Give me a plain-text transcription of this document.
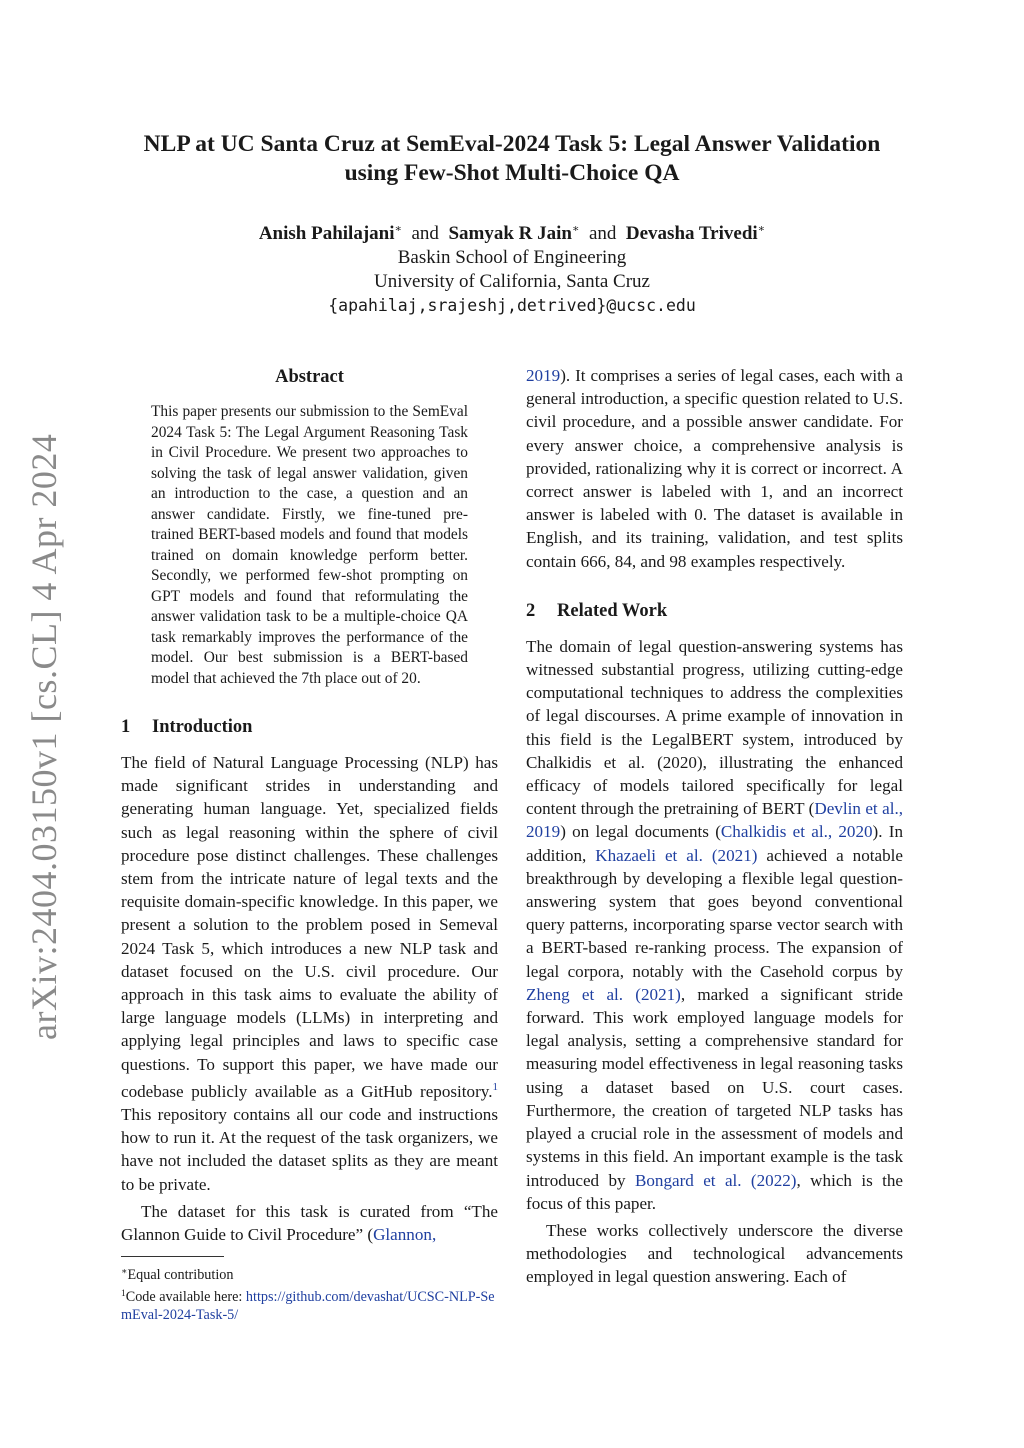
NLP at UC Santa Cruz at SemEval-2024 Task 5: Legal Answer Validation
using Few-Shot Multi-Choice QA
Anish Pahilajani∗ and Samyak R Jain∗ and Devasha Trivedi∗
Baskin School of Engineering
University of California, Santa Cruz
{apahilaj,srajeshj,detrived}@ucsc.edu
arXiv:2404.03150v1 [cs.CL] 4 Apr 2024
Abstract
This paper presents our submission to the SemEval 2024 Task 5: The Legal Argument Reasoning Task in Civil Procedure. We present two approaches to solving the task of legal answer validation, given an introduction to the case, a question and an answer candidate. Firstly, we fine-tuned pre-trained BERT-based models and found that models trained on domain knowledge perform better. Secondly, we performed few-shot prompting on GPT models and found that reformulating the answer validation task to be a multiple-choice QA task remarkably improves the performance of the model. Our best submission is a BERT-based model that achieved the 7th place out of 20.
1 Introduction

The field of Natural Language Processing (NLP) has made significant strides in understanding and generating human language. Yet, specialized fields such as legal reasoning within the sphere of civil procedure pose distinct challenges. These challenges stem from the intricate nature of legal texts and the requisite domain-specific knowledge. In this paper, we present a solution to the problem posed in Semeval 2024 Task 5, which introduces a new NLP task and dataset focused on the U.S. civil procedure. Our approach in this task aims to evaluate the ability of large language models (LLMs) in interpreting and applying legal principles and laws to specific case questions. To support this paper, we have made our codebase publicly available as a GitHub repository.$^1$ This repository contains all our code and instructions how to run it. At the request of the task organizers, we have not included the dataset splits as they are meant to be private.

The dataset for this task is curated from “The Glannon Guide to Civil Procedure” (Glannon,

∗Equal contribution
$^1$Code available here: https://github.com/devashat/UCSC-NLP-SemEval-2024-Task-5/

2019). It comprises a series of legal cases, each with a general introduction, a specific question related to U.S. civil procedure, and a possible answer candidate. For every answer choice, a comprehensive analysis is provided, rationalizing why it is correct or incorrect. A correct answer is labeled with 1, and an incorrect answer is labeled with 0. The dataset is available in English, and its training, validation, and test splits contain 666, 84, and 98 examples respectively.

2 Related Work

The domain of legal question-answering systems has witnessed substantial progress, utilizing cutting-edge computational techniques to address the complexities of legal discourses. A prime example of innovation in this field is the LegalBERT system, introduced by Chalkidis et al. (2020), illustrating the enhanced efficacy of models tailored specifically for legal content through the pretraining of BERT (Devlin et al., 2019) on legal documents (Chalkidis et al., 2020). In addition, Khazaeli et al. (2021) achieved a notable breakthrough by developing a flexible legal question-answering system that goes beyond conventional query patterns, incorporating sparse vector search with a BERT-based re-ranking process. The expansion of legal corpora, notably with the Casehold corpus by Zheng et al. (2021), marked a significant stride forward. This work employed language models for legal analysis, setting a comprehensive standard for measuring model effectiveness in legal reasoning tasks using a dataset based on U.S. court cases. Furthermore, the creation of targeted NLP tasks has played a crucial role in the assessment of models and systems in this field. An important example is the task introduced by Bongard et al. (2022), which is the focus of this paper.

These works collectively underscore the diverse methodologies and technological advancements employed in legal question answering. Each of
